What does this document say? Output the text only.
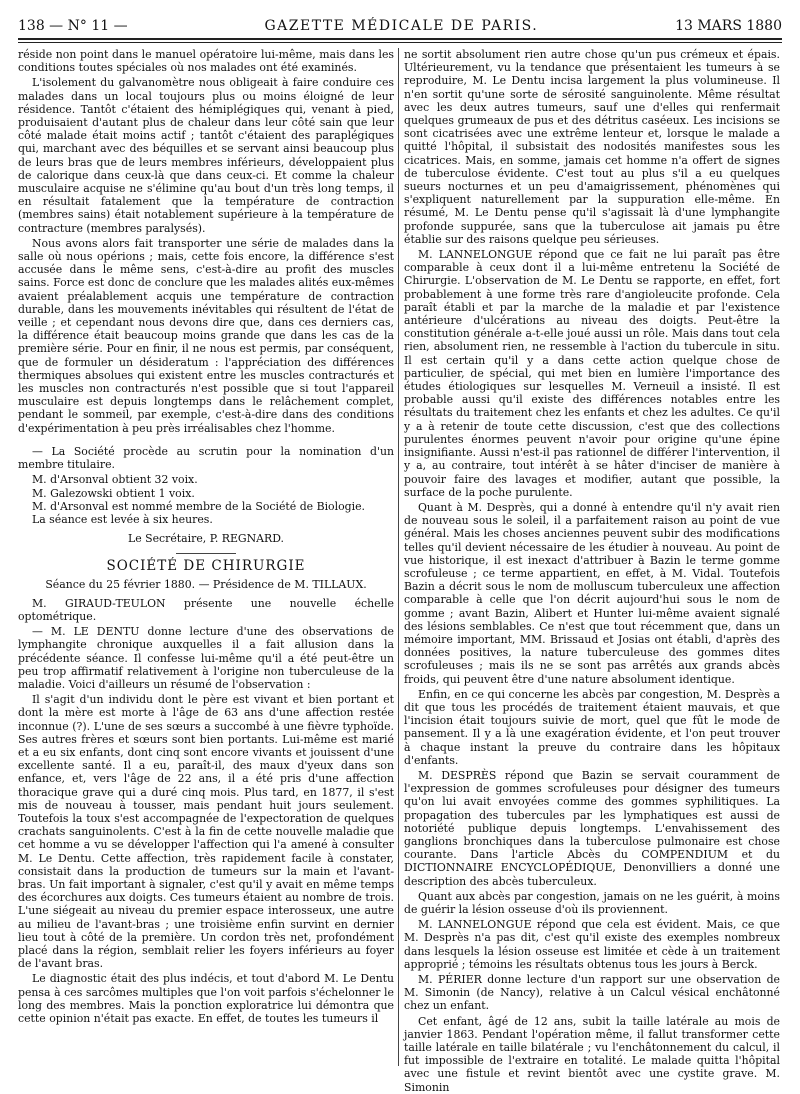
138 — N° 11 —	GAZETTE MÉDICALE DE PARIS.	13 MARS 1880

réside non point dans le manuel opératoire lui-même, mais dans les conditions toutes spéciales où nos malades ont été examinés.

L'isolement du galvanomètre nous obligeait à faire conduire ces malades dans un local toujours plus ou moins éloigné de leur résidence. Tantôt c'étaient des hémiplégiques qui, venant à pied, produisaient d'autant plus de chaleur dans leur côté sain que leur côté malade était moins actif ; tantôt c'étaient des paraplégiques qui, marchant avec des béquilles et se servant ainsi beaucoup plus de leurs bras que de leurs membres inférieurs, développaient plus de calorique dans ceux-là que dans ceux-ci. Et comme la chaleur musculaire acquise ne s'élimine qu'au bout d'un très long temps, il en résultait fatalement que la température de contraction (membres sains) était notablement supérieure à la température de contracture (membres paralysés).

Nous avons alors fait transporter une série de malades dans la salle où nous opérions ; mais, cette fois encore, la différence s'est accusée dans le même sens, c'est-à-dire au profit des muscles sains. Force est donc de conclure que les malades alités eux-mêmes avaient préalablement acquis une température de contraction durable, dans les mouvements inévitables qui résultent de l'état de veille ; et cependant nous devons dire que, dans ces derniers cas, la différence était beaucoup moins grande que dans les cas de la première série. Pour en finir, il ne nous est permis, par conséquent, que de formuler un désideratum : l'appréciation des différences thermiques absolues qui existent entre les muscles contracturés et les muscles non contracturés n'est possible que si tout l'appareil musculaire est depuis longtemps dans le relâchement complet, pendant le sommeil, par exemple, c'est-à-dire dans des conditions d'expérimentation à peu près irréalisables chez l'homme.

— La Société procède au scrutin pour la nomination d'un membre titulaire.

M. d'Arsonval obtient 32 voix.

M. Galezowski obtient 1 voix.

M. d'Arsonval est nommé membre de la Société de Biologie.

La séance est levée à six heures.

Le Secrétaire, P. REGNARD.

SOCIÉTÉ DE CHIRURGIE

Séance du 25 février 1880. — Présidence de M. TILLAUX.

M. GIRAUD-TEULON présente une nouvelle échelle optométrique.

— M. LE DENTU donne lecture d'une des observations de lymphangite chronique auxquelles il a fait allusion dans la précédente séance. Il confesse lui-même qu'il a été peut-être un peu trop affirmatif relativement à l'origine non tuberculeuse de la maladie. Voici d'ailleurs un résumé de l'observation :

Il s'agit d'un individu dont le père est vivant et bien portant et dont la mère est morte à l'âge de 63 ans d'une affection restée inconnue (?). L'une de ses sœurs a succombé à une fièvre typhoïde. Ses autres frères et sœurs sont bien portants. Lui-même est marié et a eu six enfants, dont cinq sont encore vivants et jouissent d'une excellente santé. Il a eu, paraît-il, des maux d'yeux dans son enfance, et, vers l'âge de 22 ans, il a été pris d'une affection thoracique grave qui a duré cinq mois. Plus tard, en 1877, il s'est mis de nouveau à tousser, mais pendant huit jours seulement. Toutefois la toux s'est accompagnée de l'expectoration de quelques crachats sanguinolents. C'est à la fin de cette nouvelle maladie que cet homme a vu se développer l'affection qui l'a amené à consulter M. Le Dentu. Cette affection, très rapidement facile à constater, consistait dans la production de tumeurs sur la main et l'avant-bras. Un fait important à signaler, c'est qu'il y avait en même temps des écorchures aux doigts. Ces tumeurs étaient au nombre de trois. L'une siégeait au niveau du premier espace interosseux, une autre au milieu de l'avant-bras ; une troisième enfin survint en dernier lieu tout à côté de la première. Un cordon très net, profondément placé dans la région, semblait relier les foyers inférieurs au foyer de l'avant bras.

Le diagnostic était des plus indécis, et tout d'abord M. Le Dentu pensa à ces sarcômes multiples que l'on voit parfois s'échelonner le long des membres. Mais la ponction exploratrice lui démontra que cette opinion n'était pas exacte. En effet, de toutes les tumeurs il

ne sortit absolument rien autre chose qu'un pus crémeux et épais. Ultérieurement, vu la tendance que présentaient les tumeurs à se reproduire, M. Le Dentu incisa largement la plus volumineuse. Il n'en sortit qu'une sorte de sérosité sanguinolente. Même résultat avec les deux autres tumeurs, sauf une d'elles qui renfermait quelques grumeaux de pus et des détritus caséeux. Les incisions se sont cicatrisées avec une extrême lenteur et, lorsque le malade a quitté l'hôpital, il subsistait des nodosités manifestes sous les cicatrices. Mais, en somme, jamais cet homme n'a offert de signes de tuberculose évidente. C'est tout au plus s'il a eu quelques sueurs nocturnes et un peu d'amaigrissement, phénomènes qui s'expliquent naturellement par la suppuration elle-même. En résumé, M. Le Dentu pense qu'il s'agissait là d'une lymphangite profonde suppurée, sans que la tuberculose ait jamais pu être établie sur des raisons quelque peu sérieuses.

M. LANNELONGUE répond que ce fait ne lui paraît pas être comparable à ceux dont il a lui-même entretenu la Société de Chirurgie. L'observation de M. Le Dentu se rapporte, en effet, fort probablement à une forme très rare d'angioleucite profonde. Cela paraît établi et par la marche de la maladie et par l'existence antérieure d'ulcérations au niveau des doigts. Peut-être la constitution générale a-t-elle joué aussi un rôle. Mais dans tout cela rien, absolument rien, ne ressemble à l'action du tubercule in situ. Il est certain qu'il y a dans cette action quelque chose de particulier, de spécial, qui met bien en lumière l'importance des études étiologiques sur lesquelles M. Verneuil a insisté. Il est probable aussi qu'il existe des différences notables entre les résultats du traitement chez les enfants et chez les adultes. Ce qu'il y a à retenir de toute cette discussion, c'est que des collections purulentes énormes peuvent n'avoir pour origine qu'une épine insignifiante. Aussi n'est-il pas rationnel de différer l'intervention, il y a, au contraire, tout intérêt à se hâter d'inciser de manière à pouvoir faire des lavages et modifier, autant que possible, la surface de la poche purulente.

Quant à M. Desprès, qui a donné à entendre qu'il n'y avait rien de nouveau sous le soleil, il a parfaitement raison au point de vue général. Mais les choses anciennes peuvent subir des modifications telles qu'il devient nécessaire de les étudier à nouveau. Au point de vue historique, il est inexact d'attribuer à Bazin le terme gomme scrofuleuse ; ce terme appartient, en effet, à M. Vidal. Toutefois Bazin a décrit sous le nom de molluscum tuberculeux une affection comparable à celle que l'on décrit aujourd'hui sous le nom de gomme ; avant Bazin, Alibert et Hunter lui-même avaient signalé des lésions semblables. Ce n'est que tout récemment que, dans un mémoire important, MM. Brissaud et Josias ont établi, d'après des données positives, la nature tuberculeuse des gommes dites scrofuleuses ; mais ils ne se sont pas arrêtés aux grands abcès froids, qui peuvent être d'une nature absolument identique.

Enfin, en ce qui concerne les abcès par congestion, M. Desprès a dit que tous les procédés de traitement étaient mauvais, et que l'incision était toujours suivie de mort, quel que fût le mode de pansement. Il y a là une exagération évidente, et l'on peut trouver à chaque instant la preuve du contraire dans les hôpitaux d'enfants.

M. DESPRÈS répond que Bazin se servait couramment de l'expression de gommes scrofuleuses pour désigner des tumeurs qu'on lui avait envoyées comme des gommes syphilitiques. La propagation des tubercules par les lymphatiques est aussi de notoriété publique depuis longtemps. L'envahissement des ganglions bronchiques dans la tuberculose pulmonaire est chose courante. Dans l'article Abcès du COMPENDIUM et du DICTIONNAIRE ENCYCLOPÉDIQUE, Denonvilliers a donné une description des abcès tuberculeux.

Quant aux abcès par congestion, jamais on ne les guérit, à moins de guérir la lésion osseuse d'où ils proviennent.

M. LANNELONGUE répond que cela est évident. Mais, ce que M. Desprès n'a pas dit, c'est qu'il existe des exemples nombreux dans lesquels la lésion osseuse est limitée et cède à un traitement approprié ; témoins les résultats obtenus tous les jours à Berck.

M. PÉRIER donne lecture d'un rapport sur une observation de M. Simonin (de Nancy), relative à un Calcul vésical enchâtonné chez un enfant.

Cet enfant, âgé de 12 ans, subit la taille latérale au mois de janvier 1863. Pendant l'opération même, il fallut transformer cette taille latérale en taille bilatérale ; vu l'enchâtonnement du calcul, il fut impossible de l'extraire en totalité. Le malade quitta l'hôpital avec une fistule et revint bientôt avec une cystite grave. M. Simonin
